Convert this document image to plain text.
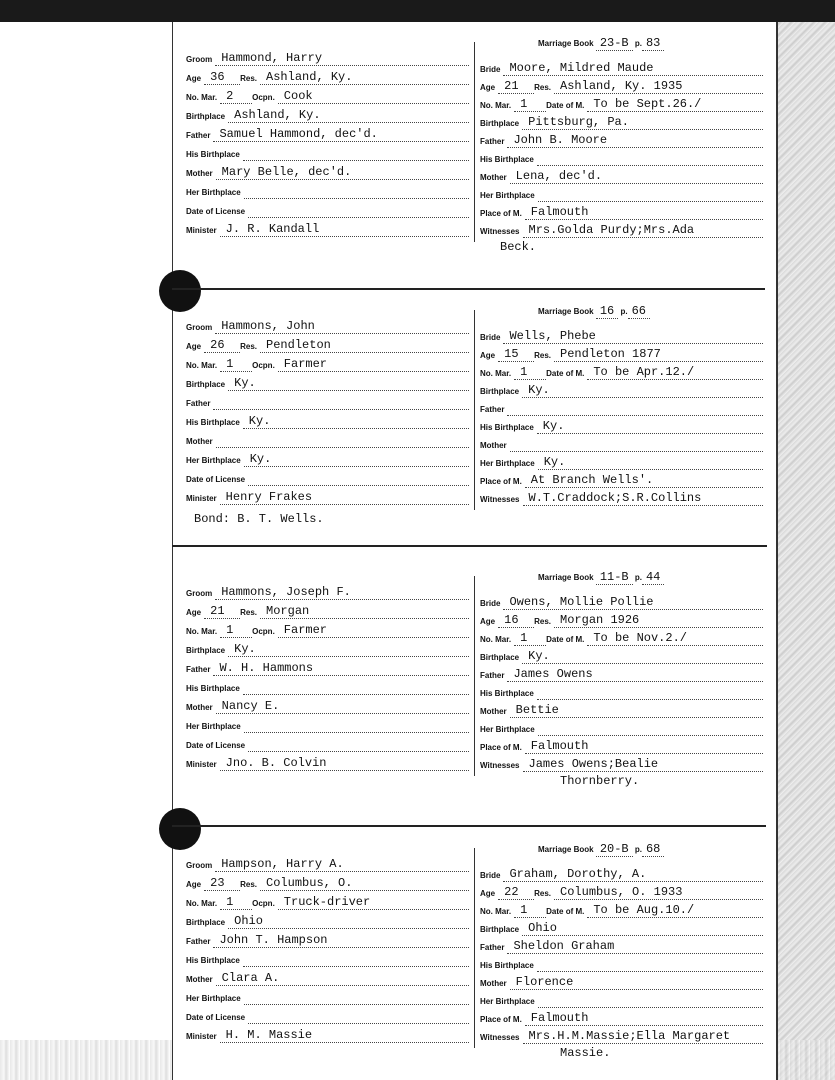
Marriage Book 23-B p. 83
Groom Hammond, Harry
Age 36	Res. Ashland, Ky.
No. Mar. 2	Ocpn. Cook
Birthplace Ashland, Ky.
Father Samuel Hammond, dec'd.
His Birthplace
Mother Mary Belle, dec'd.
Her Birthplace
Date of License
Minister J. R. Kandall
Bride Moore, Mildred Maude
Age 21	Res. Ashland, Ky. 1935
No. Mar. 1	Date of M. To be Sept.26./
Birthplace Pittsburg, Pa.
Father John B. Moore
His Birthplace
Mother Lena, dec'd.
Her Birthplace
Place of M. Falmouth
Witnesses Mrs.Golda Purdy;Mrs.Ada
Beck.
Marriage Book 16 p. 66
Groom Hammons, John
Age 26	Res. Pendleton
No. Mar. 1	Ocpn. Farmer
Birthplace Ky.
Father
His Birthplace Ky.
Mother
Her Birthplace Ky.
Date of License
Minister Henry Frakes
Bride Wells, Phebe
Age 15	Res. Pendleton 1877
No. Mar. 1	Date of M. To be Apr.12./
Birthplace Ky.
Father
His Birthplace Ky.
Mother
Her Birthplace Ky.
Place of M. At Branch Wells'.
Witnesses W.T.Craddock;S.R.Collins
Bond: B. T. Wells.
Marriage Book 11-B p. 44
Groom Hammons, Joseph F.
Age 21	Res. Morgan
No. Mar. 1	Ocpn. Farmer
Birthplace Ky.
Father W. H. Hammons
His Birthplace
Mother Nancy E.
Her Birthplace
Date of License
Minister Jno. B. Colvin
Bride Owens, Mollie Pollie
Age 16	Res. Morgan 1926
No. Mar. 1	Date of M. To be Nov.2./
Birthplace Ky.
Father James Owens
His Birthplace
Mother Bettie
Her Birthplace
Place of M. Falmouth
Witnesses James Owens;Bealie
Thornberry.
Marriage Book 20-B p. 68
Groom Hampson, Harry A.
Age 23	Res. Columbus, O.
No. Mar. 1	Ocpn. Truck-driver
Birthplace Ohio
Father John T. Hampson
His Birthplace
Mother Clara A.
Her Birthplace
Date of License
Minister H. M. Massie
Bride Graham, Dorothy, A.
Age 22	Res. Columbus, O. 1933
No. Mar. 1	Date of M. To be Aug.10./
Birthplace Ohio
Father Sheldon Graham
His Birthplace
Mother Florence
Her Birthplace
Place of M. Falmouth
Witnesses Mrs.H.M.Massie;Ella Margaret
Massie.
